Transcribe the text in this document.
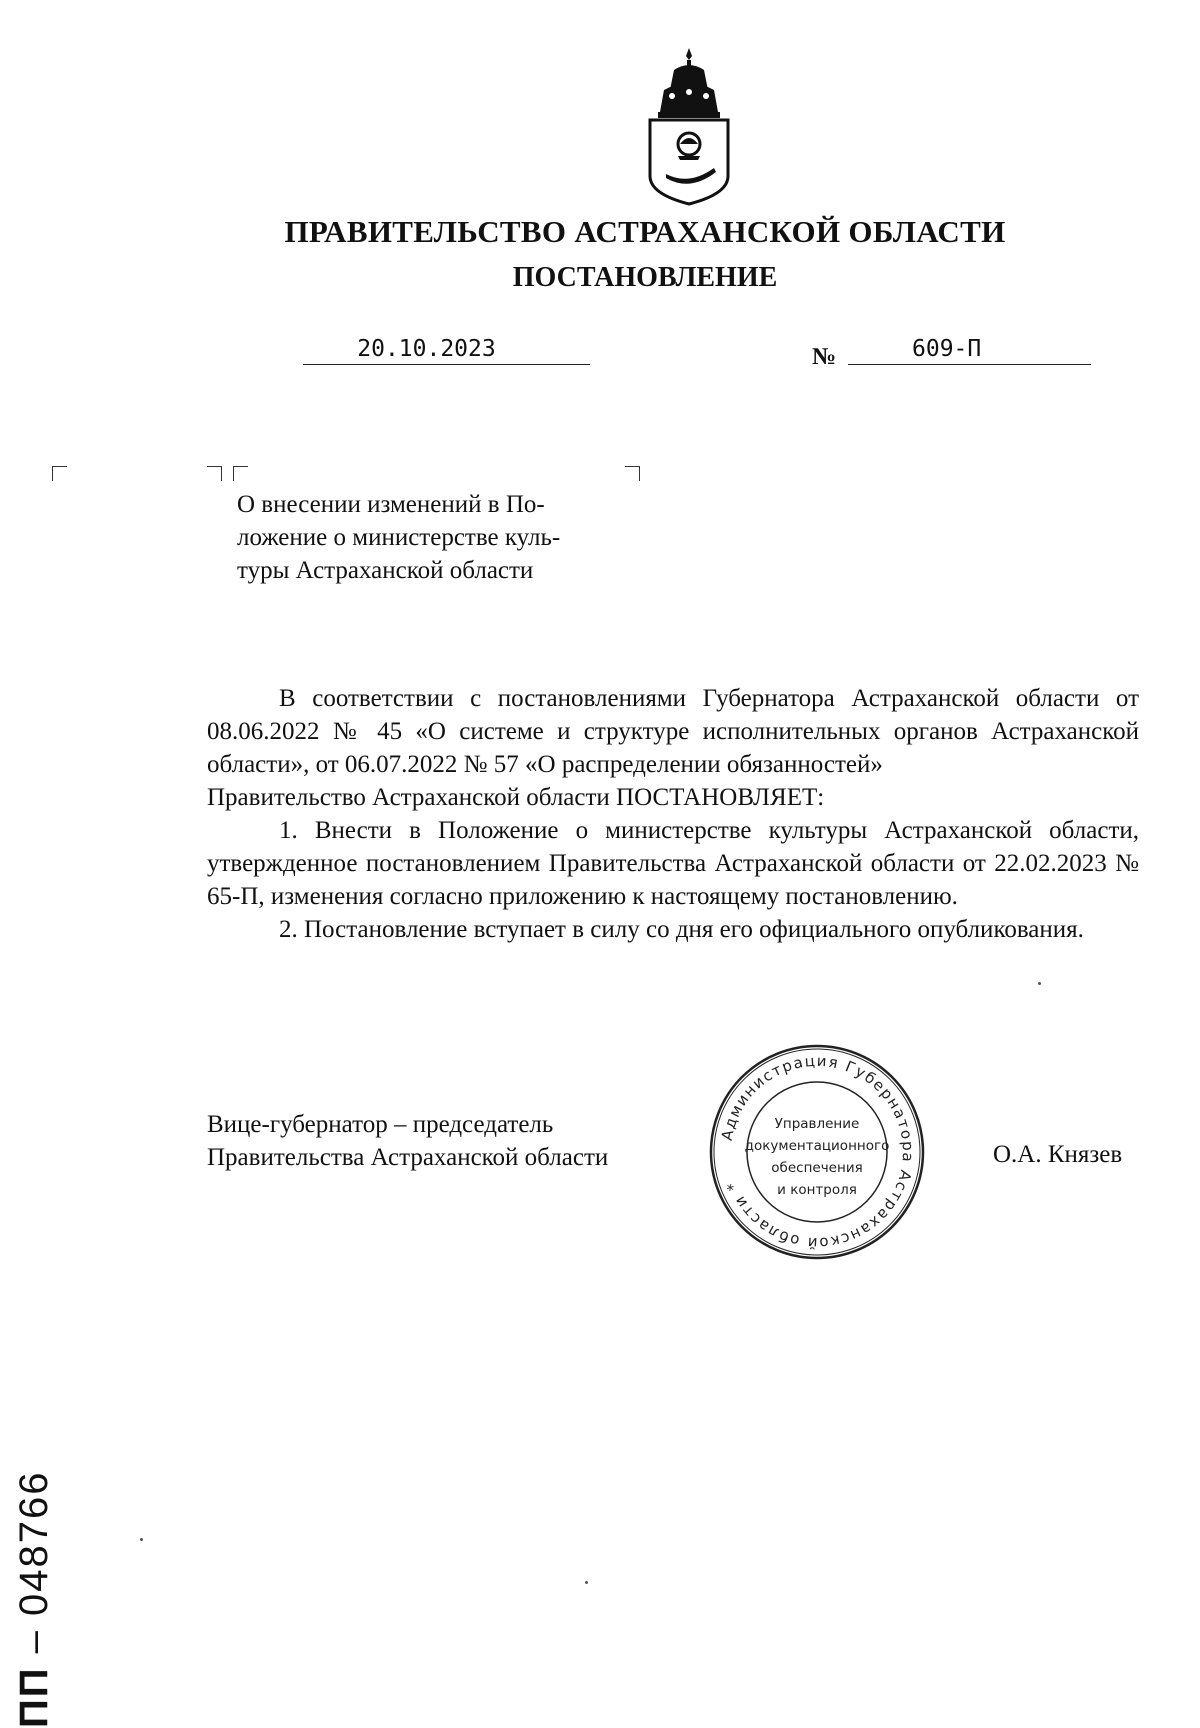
ПРАВИТЕЛЬСТВО АСТРАХАНСКОЙ ОБЛАСТИ
ПОСТАНОВЛЕНИЕ
20.10.2023	№	609-П
О внесении изменений в По-
ложение о министерстве куль-
туры Астраханской области

В соответствии с постановлениями Губернатора Астраханской области от 08.06.2022 № 45 «О системе и структуре исполнительных органов Астраханской области», от 06.07.2022 № 57 «О распределении обязанностей»

Правительство Астраханской области ПОСТАНОВЛЯЕТ:

1. Внести в Положение о министерстве культуры Астраханской области, утвержденное постановлением Правительства Астраханской области от 22.02.2023 № 65-П, изменения согласно приложению к настоящему постановлению.

2. Постановление вступает в силу со дня его официального опубликования.

Вице-губернатор – председатель
Правительства Астраханской области	О.А. Князев
Администрация Губернатора Астраханской области *
Управление
документационного
обеспечения
и контроля
ПП – 048766
